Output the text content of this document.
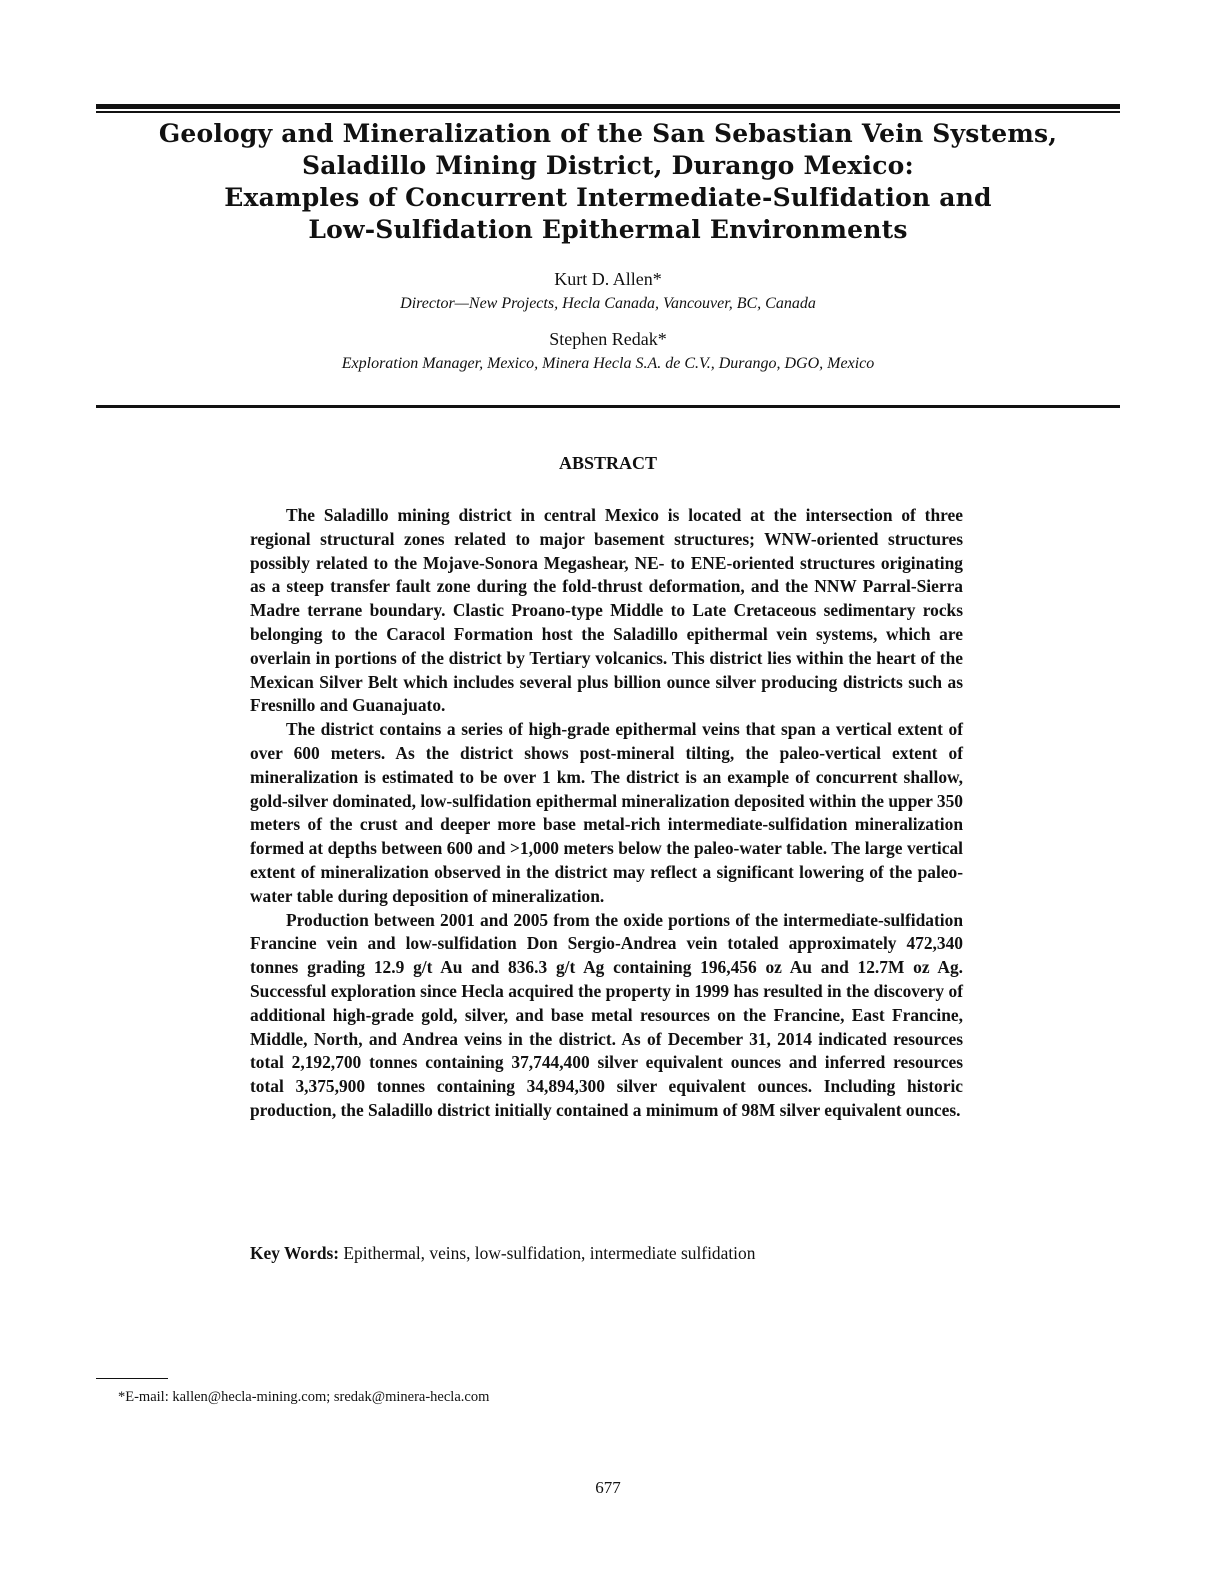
Geology and Mineralization of the San Sebastian Vein Systems,
Saladillo Mining District, Durango Mexico:
Examples of Concurrent Intermediate-Sulfidation and
Low-Sulfidation Epithermal Environments
Kurt D. Allen*
Director—New Projects, Hecla Canada, Vancouver, BC, Canada
Stephen Redak*
Exploration Manager, Mexico, Minera Hecla S.A. de C.V., Durango, DGO, Mexico
ABSTRACT

The Saladillo mining district in central Mexico is located at the intersection of three regional structural zones related to major basement structures; WNW-oriented structures possibly related to the Mojave-Sonora Megashear, NE- to ENE-oriented structures originating as a steep transfer fault zone during the fold-thrust deformation, and the NNW Parral-Sierra Madre terrane boundary. Clastic Proano-type Middle to Late Cretaceous sedimentary rocks belonging to the Caracol Formation host the Saladillo epithermal vein systems, which are overlain in portions of the district by Tertiary volcanics. This district lies within the heart of the Mexican Silver Belt which includes several plus billion ounce silver producing districts such as Fresnillo and Guanajuato.

The district contains a series of high-grade epithermal veins that span a vertical extent of over 600 meters. As the district shows post-mineral tilting, the paleo-vertical extent of mineralization is estimated to be over 1 km. The district is an example of concurrent shallow, gold-silver dominated, low-sulfidation epithermal mineralization deposited within the upper 350 meters of the crust and deeper more base metal-rich intermediate-sulfidation mineralization formed at depths between 600 and >1,000 meters below the paleo-water table. The large vertical extent of mineralization observed in the district may reflect a significant lowering of the paleo-water table during deposition of mineralization.

Production between 2001 and 2005 from the oxide portions of the intermediate-sulfidation Francine vein and low-sulfidation Don Sergio-Andrea vein totaled approximately 472,340 tonnes grading 12.9 g/t Au and 836.3 g/t Ag containing 196,456 oz Au and 12.7M oz Ag. Successful exploration since Hecla acquired the property in 1999 has resulted in the discovery of additional high-grade gold, silver, and base metal resources on the Francine, East Francine, Middle, North, and Andrea veins in the district. As of December 31, 2014 indicated resources total 2,192,700 tonnes containing 37,744,400 silver equivalent ounces and inferred resources total 3,375,900 tonnes containing 34,894,300 silver equivalent ounces. Including historic production, the Saladillo district initially contained a minimum of 98M silver equivalent ounces.

Key Words: Epithermal, veins, low-sulfidation, intermediate sulfidation
*E-mail: kallen@hecla-mining.com; sredak@minera-hecla.com
677
